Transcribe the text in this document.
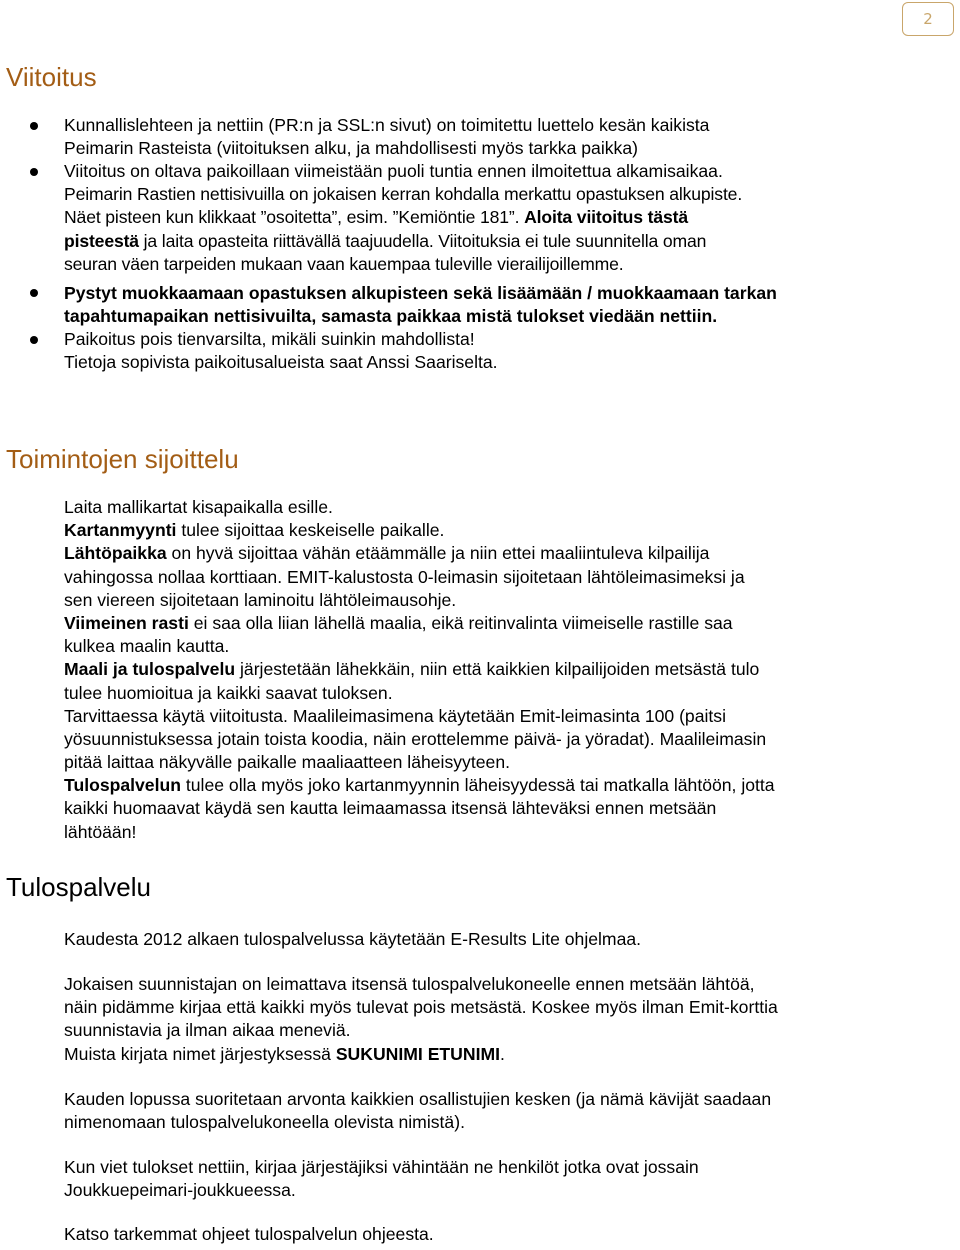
2
Viitoitus
Kunnallislehteen ja nettiin (PR:n ja SSL:n sivut) on toimitettu luettelo kesän kaikista
Peimarin Rasteista (viitoituksen alku, ja mahdollisesti myös tarkka paikka)
Viitoitus on oltava paikoillaan viimeistään puoli tuntia ennen ilmoitettua alkamisaikaa.
Peimarin Rastien nettisivuilla on jokaisen kerran kohdalla merkattu opastuksen alkupiste.
Näet pisteen kun klikkaat ”osoitetta”, esim. ”Kemiöntie 181”. Aloita viitoitus tästä
pisteestä ja laita opasteita riittävällä taajuudella. Viitoituksia ei tule suunnitella oman
seuran väen tarpeiden mukaan vaan kauempaa tuleville vierailijoillemme.
Pystyt muokkaamaan opastuksen alkupisteen sekä lisäämään / muokkaamaan tarkan
tapahtumapaikan nettisivuilta, samasta paikkaa mistä tulokset viedään nettiin.
Paikoitus pois tienvarsilta, mikäli suinkin mahdollista!
Tietoja sopivista paikoitusalueista saat Anssi Saariselta.
Toimintojen sijoittelu
Laita mallikartat kisapaikalla esille.
Kartanmyynti tulee sijoittaa keskeiselle paikalle.
Lähtöpaikka on hyvä sijoittaa vähän etäämmälle ja niin ettei maaliintuleva kilpailija
vahingossa nollaa korttiaan. EMIT-kalustosta 0-leimasin sijoitetaan lähtöleimasimeksi ja
sen viereen sijoitetaan laminoitu lähtöleimausohje.
Viimeinen rasti ei saa olla liian lähellä maalia, eikä reitinvalinta viimeiselle rastille saa
kulkea maalin kautta.
Maali ja tulospalvelu järjestetään lähekkäin, niin että kaikkien kilpailijoiden metsästä tulo
tulee huomioitua ja kaikki saavat tuloksen.
Tarvittaessa käytä viitoitusta. Maalileimasimena käytetään Emit-leimasinta 100 (paitsi
yösuunnistuksessa jotain toista koodia, näin erottelemme päivä- ja yöradat). Maalileimasin
pitää laittaa näkyvälle paikalle maaliaatteen läheisyyteen.
Tulospalvelun tulee olla myös joko kartanmyynnin läheisyydessä tai matkalla lähtöön, jotta
kaikki huomaavat käydä sen kautta leimaamassa itsensä lähteväksi ennen metsään
lähtöään!
Tulospalvelu
Kaudesta 2012 alkaen tulospalvelussa käytetään E-Results Lite ohjelmaa.
Jokaisen suunnistajan on leimattava itsensä tulospalvelukoneelle ennen metsään lähtöä,
näin pidämme kirjaa että kaikki myös tulevat pois metsästä. Koskee myös ilman Emit-korttia
suunnistavia ja ilman aikaa meneviä.
Muista kirjata nimet järjestyksessä SUKUNIMI ETUNIMI.
Kauden lopussa suoritetaan arvonta kaikkien osallistujien kesken (ja nämä kävijät saadaan
nimenomaan tulospalvelukoneella olevista nimistä).
Kun viet tulokset nettiin, kirjaa järjestäjiksi vähintään ne henkilöt jotka ovat jossain
Joukkuepeimari-joukkueessa.
Katso tarkemmat ohjeet tulospalvelun ohjeesta.
